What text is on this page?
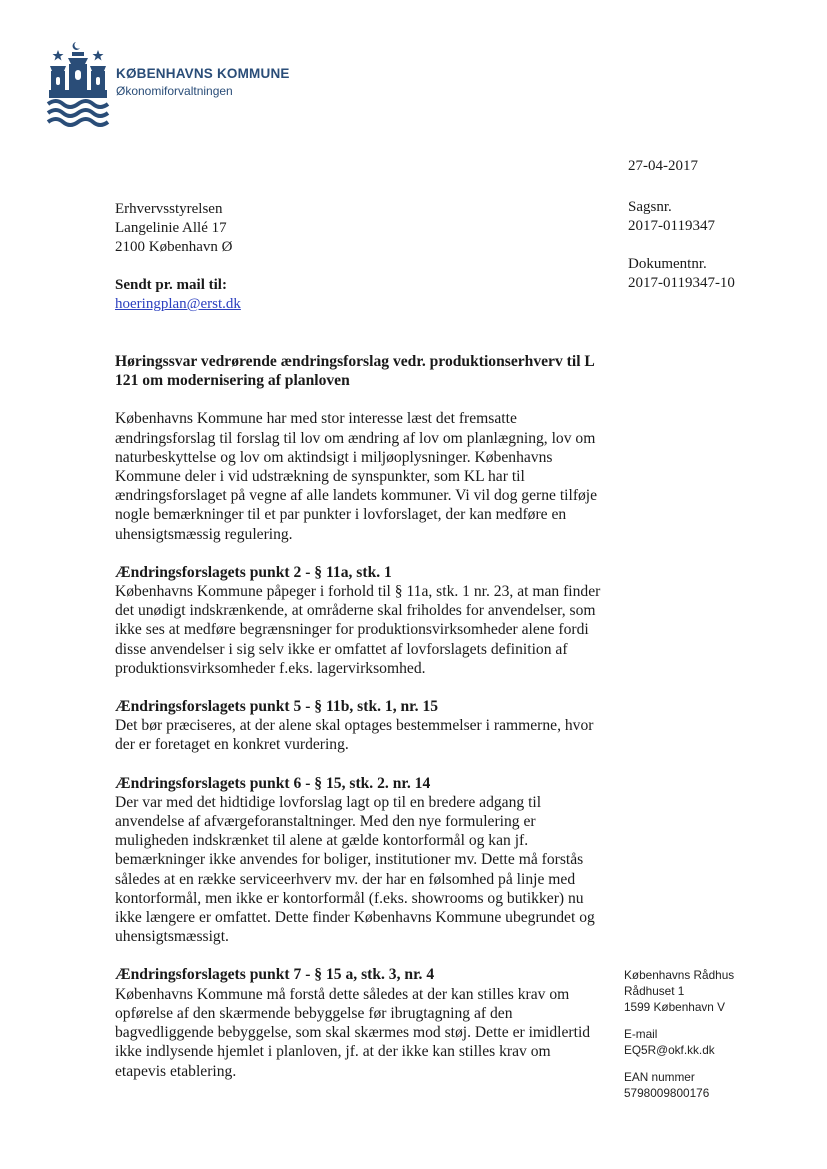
KØBENHAVNS KOMMUNE
Økonomiforvaltningen
27-04-2017
Erhvervsstyrelsen
Langelinie Allé 17
2100 København Ø
Sagsnr.
2017-0119347
Dokumentnr.
2017-0119347-10
Sendt pr. mail til:
hoeringplan@erst.dk
Høringssvar vedrørende ændringsforslag vedr. produktionserhverv til L 121 om modernisering af planloven

Københavns Kommune har med stor interesse læst det fremsatte ændringsforslag til forslag til lov om ændring af lov om planlægning, lov om naturbeskyttelse og lov om aktindsigt i miljøoplysninger. Københavns Kommune deler i vid udstrækning de synspunkter, som KL har til ændringsforslaget på vegne af alle landets kommuner. Vi vil dog gerne tilføje nogle bemærkninger til et par punkter i lovforslaget, der kan medføre en uhensigtsmæssig regulering.

Ændringsforslagets punkt 2 - § 11a, stk. 1
Københavns Kommune påpeger i forhold til § 11a, stk. 1 nr. 23, at man finder det unødigt indskrænkende, at områderne skal friholdes for anvendelser, som ikke ses at medføre begrænsninger for produktionsvirksomheder alene fordi disse anvendelser i sig selv ikke er omfattet af lovforslagets definition af produktionsvirksomheder f.eks. lagervirksomhed.
Ændringsforslagets punkt 5 - § 11b, stk. 1, nr. 15
Det bør præciseres, at der alene skal optages bestemmelser i rammerne, hvor der er foretaget en konkret vurdering.
Ændringsforslagets punkt 6 - § 15, stk. 2. nr. 14
Der var med det hidtidige lovforslag lagt op til en bredere adgang til anvendelse af afværgeforanstaltninger. Med den nye formulering er muligheden indskrænket til alene at gælde kontorformål og kan jf. bemærkninger ikke anvendes for boliger, institutioner mv. Dette må forstås således at en række serviceerhverv mv. der har en følsomhed på linje med kontorformål, men ikke er kontorformål (f.eks. showrooms og butikker) nu ikke længere er omfattet. Dette finder Københavns Kommune ubegrundet og uhensigtsmæssigt.
Ændringsforslagets punkt 7 - § 15 a, stk. 3, nr. 4
Københavns Kommune må forstå dette således at der kan stilles krav om opførelse af den skærmende bebyggelse før ibrugtagning af den bagvedliggende bebyggelse, som skal skærmes mod støj. Dette er imidlertid ikke indlysende hjemlet i planloven, jf. at der ikke kan stilles krav om etapevis etablering.
Københavns Rådhus
Rådhuset 1
1599 København V
E-mail
EQ5R@okf.kk.dk
EAN nummer
5798009800176
